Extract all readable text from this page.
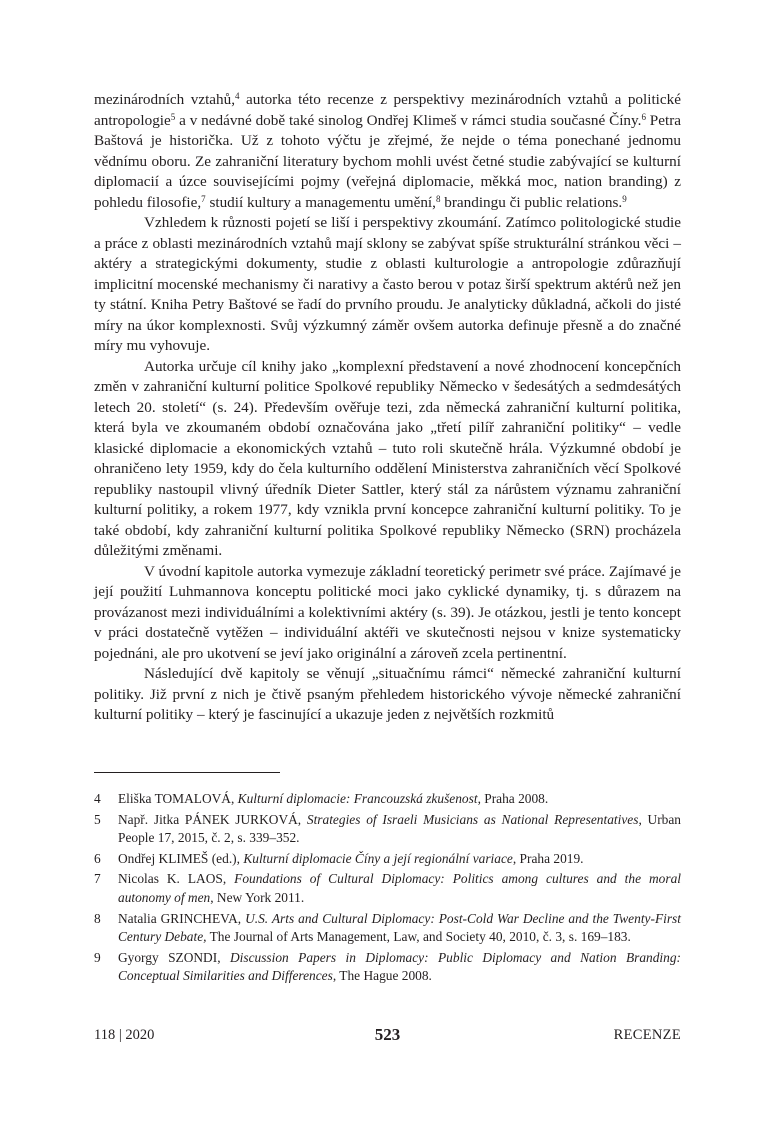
mezinárodních vztahů,$^4$ autorka této recenze z perspektivy mezinárodních vztahů a politické antropologie$^5$ a v nedávné době také sinolog Ondřej Klimeš v rámci studia současné Číny.$^6$ Petra Baštová je historička. Už z tohoto výčtu je zřejmé, že nejde o téma ponechané jednomu vědnímu oboru. Ze zahraniční literatury bychom mohli uvést četné studie zabývající se kulturní diplomacií a úzce souvisejícími pojmy (veřejná diplomacie, měkká moc, nation branding) z pohledu filosofie,$^7$ studií kultury a managementu umění,$^8$ brandingu či public relations.$^9$

Vzhledem k různosti pojetí se liší i perspektivy zkoumání. Zatímco politologické studie a práce z oblasti mezinárodních vztahů mají sklony se zabývat spíše strukturální stránkou věci – aktéry a strategickými dokumenty, studie z oblasti kulturologie a antropologie zdůrazňují implicitní mocenské mechanismy či narativy a často berou v potaz širší spektrum aktérů než jen ty státní. Kniha Petry Baštové se řadí do prvního proudu. Je analyticky důkladná, ačkoli do jisté míry na úkor komplexnosti. Svůj výzkumný záměr ovšem autorka definuje přesně a do značné míry mu vyhovuje.

Autorka určuje cíl knihy jako „komplexní představení a nové zhodnocení koncepčních změn v zahraniční kulturní politice Spolkové republiky Německo v šedesátých a sedmdesátých letech 20. století“ (s. 24). Především ověřuje tezi, zda německá zahraniční kulturní politika, která byla ve zkoumaném období označována jako „třetí pilíř zahraniční politiky“ – vedle klasické diplomacie a ekonomických vztahů – tuto roli skutečně hrála. Výzkumné období je ohraničeno lety 1959, kdy do čela kulturního oddělení Ministerstva zahraničních věcí Spolkové republiky nastoupil vlivný úředník Dieter Sattler, který stál za nárůstem významu zahraniční kulturní politiky, a rokem 1977, kdy vznikla první koncepce zahraniční kulturní politiky. To je také období, kdy zahraniční kulturní politika Spolkové republiky Německo (SRN) procházela důležitými změnami.

V úvodní kapitole autorka vymezuje základní teoretický perimetr své práce. Zajímavé je její použití Luhmannova konceptu politické moci jako cyklické dynamiky, tj. s důrazem na provázanost mezi individuálními a kolektivními aktéry (s. 39). Je otázkou, jestli je tento koncept v práci dostatečně vytěžen – individuální aktéři ve skutečnosti nejsou v knize systematicky pojednáni, ale pro ukotvení se jeví jako originální a zároveň zcela pertinentní.

Následující dvě kapitoly se věnují „situačnímu rámci“ německé zahraniční kulturní politiky. Již první z nich je čtivě psaným přehledem historického vývoje německé zahraniční kulturní politiky – který je fascinující a ukazuje jeden z největších rozkmitů

4	Eliška TOMALOVÁ, Kulturní diplomacie: Francouzská zkušenost, Praha 2008.
5	Např. Jitka PÁNEK JURKOVÁ, Strategies of Israeli Musicians as National Representatives, Urban People 17, 2015, č. 2, s. 339–352.
6	Ondřej KLIMEŠ (ed.), Kulturní diplomacie Číny a její regionální variace, Praha 2019.
7	Nicolas K. LAOS, Foundations of Cultural Diplomacy: Politics among cultures and the moral autonomy of men, New York 2011.
8	Natalia GRINCHEVA, U.S. Arts and Cultural Diplomacy: Post-Cold War Decline and the Twenty-First Century Debate, The Journal of Arts Management, Law, and Society 40, 2010, č. 3, s. 169–183.
9	Gyorgy SZONDI, Discussion Papers in Diplomacy: Public Diplomacy and Nation Branding: Conceptual Similarities and Differences, The Hague 2008.
118 | 2020	523	RECENZE
